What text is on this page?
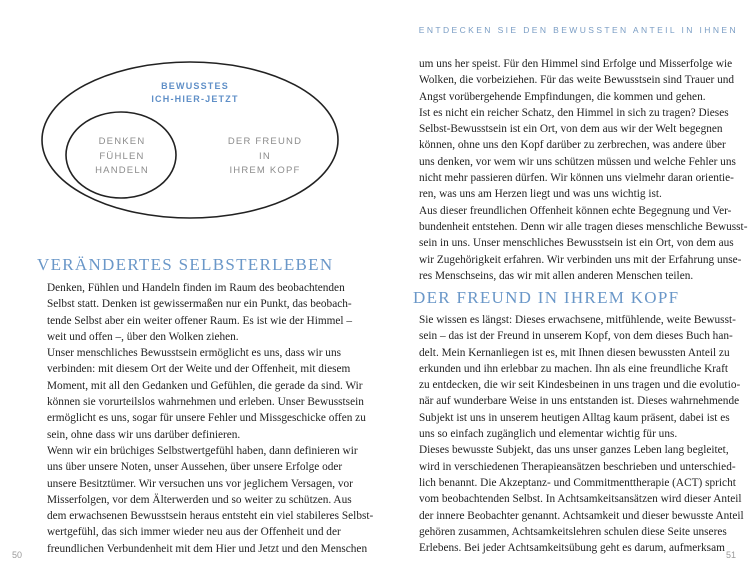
BEWUSSTES
ICH-HIER-JETZT
DENKEN
FÜHLEN
HANDELN
DER FREUND
IN
IHREM KOPF
VERÄNDERTES SELBSTERLEBEN
Denken, Fühlen und Handeln finden im Raum des beobachtenden
Selbst statt. Denken ist gewissermaßen nur ein Punkt, das beobach-
tende Selbst aber ein weiter offener Raum. Es ist wie der Himmel –
weit und offen –, über den Wolken ziehen.
Unser menschliches Bewusstsein ermöglicht es uns, dass wir uns
verbinden: mit diesem Ort der Weite und der Offenheit, mit diesem
Moment, mit all den Gedanken und Gefühlen, die gerade da sind. Wir
können sie vorurteilslos wahrnehmen und erleben. Unser Bewusstsein
ermöglicht es uns, sogar für unsere Fehler und Missgeschicke offen zu
sein, ohne dass wir uns darüber definieren.
Wenn wir ein brüchiges Selbstwertgefühl haben, dann definieren wir
uns über unsere Noten, unser Aussehen, über unsere Erfolge oder
unsere Besitztümer. Wir versuchen uns vor jeglichem Versagen, vor
Misserfolgen, vor dem Älterwerden und so weiter zu schützen. Aus
dem erwachsenen Bewusstsein heraus entsteht ein viel stabileres Selbst-
wertgefühl, das sich immer wieder neu aus der Offenheit und der
freundlichen Verbundenheit mit dem Hier und Jetzt und den Menschen
50
ENTDECKEN SIE DEN BEWUSSTEN ANTEIL IN IHNEN
um uns her speist. Für den Himmel sind Erfolge und Misserfolge wie
Wolken, die vorbeiziehen. Für das weite Bewusstsein sind Trauer und
Angst vorübergehende Empfindungen, die kommen und gehen.
Ist es nicht ein reicher Schatz, den Himmel in sich zu tragen? Dieses
Selbst-Bewusstsein ist ein Ort, von dem aus wir der Welt begegnen
können, ohne uns den Kopf darüber zu zerbrechen, was andere über
uns denken, vor wem wir uns schützen müssen und welche Fehler uns
nicht mehr passieren dürfen. Wir können uns vielmehr daran orientie-
ren, was uns am Herzen liegt und was uns wichtig ist.
Aus dieser freundlichen Offenheit können echte Begegnung und Ver-
bundenheit entstehen. Denn wir alle tragen dieses menschliche Bewusst-
sein in uns. Unser menschliches Bewusstsein ist ein Ort, von dem aus
wir Zugehörigkeit erfahren. Wir verbinden uns mit der Erfahrung unse-
res Menschseins, das wir mit allen anderen Menschen teilen.
DER FREUND IN IHREM KOPF
Sie wissen es längst: Dieses erwachsene, mitfühlende, weite Bewusst-
sein – das ist der Freund in unserem Kopf, von dem dieses Buch han-
delt. Mein Kernanliegen ist es, mit Ihnen diesen bewussten Anteil zu
erkunden und ihn erlebbar zu machen. Ihn als eine freundliche Kraft
zu entdecken, die wir seit Kindesbeinen in uns tragen und die evolutio-
när auf wunderbare Weise in uns entstanden ist. Dieses wahrnehmende
Subjekt ist uns in unserem heutigen Alltag kaum präsent, dabei ist es
uns so einfach zugänglich und elementar wichtig für uns.
Dieses bewusste Subjekt, das uns unser ganzes Leben lang begleitet,
wird in verschiedenen Therapieansätzen beschrieben und unterschied-
lich benannt. Die Akzeptanz- und Commitmenttherapie (ACT) spricht
vom beobachtenden Selbst. In Achtsamkeitsansätzen wird dieser Anteil
der innere Beobachter genannt. Achtsamkeit und dieser bewusste Anteil
gehören zusammen, Achtsamkeitslehren schulen diese Seite unseres
Erlebens. Bei jeder Achtsamkeitsübung geht es darum, aufmerksam
51
